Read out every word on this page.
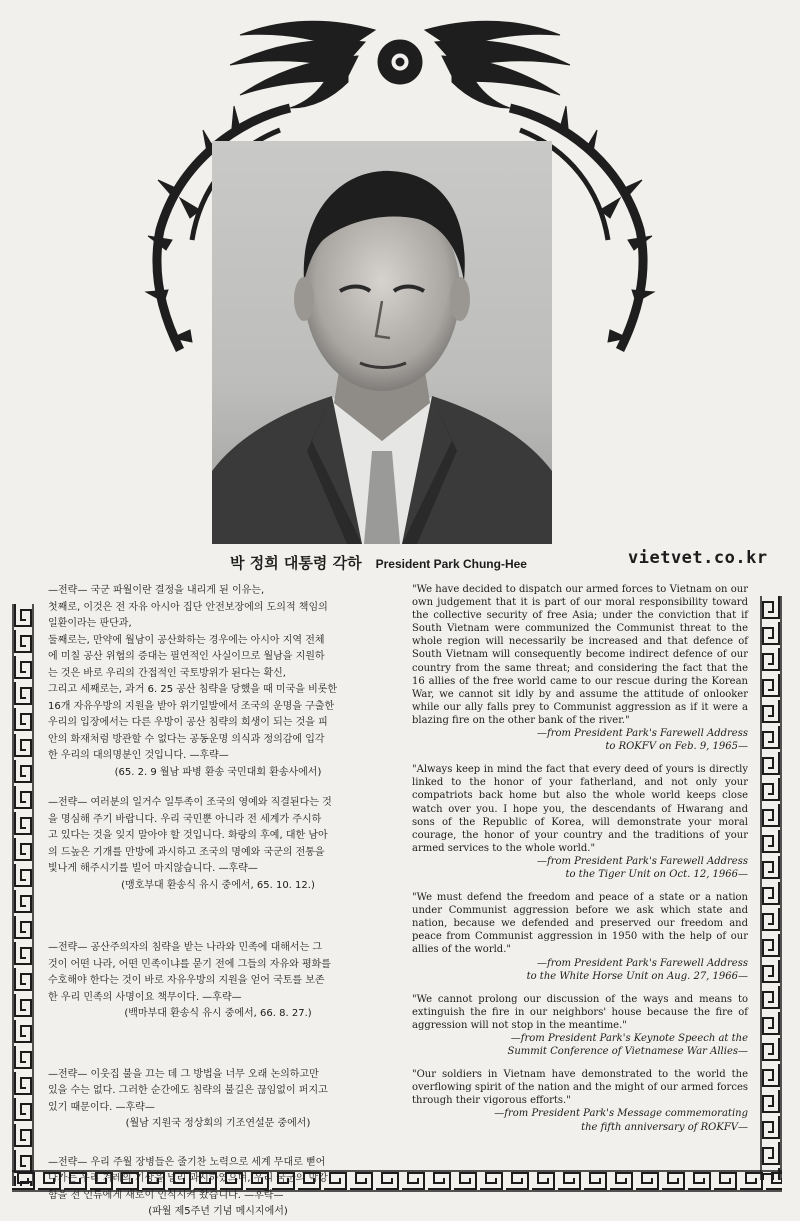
박 정희 대통령 각하 President Park Chung-Hee	vietvet.co.kr

—전략— 국군 파월이란 결정을 내리게 된 이유는,

첫째로, 이것은 전 자유 아시아 집단 안전보장에의 도의적 책임의

일환이라는 판단과,

둘째로는, 만약에 월남이 공산화하는 경우에는 아시아 지역 전체

에 미칠 공산 위협의 증대는 필연적인 사실이므로 월남을 지원하

는 것은 바로 우리의 간접적인 국토방위가 된다는 확신,

그리고 세째로는, 과거 6. 25 공산 침략을 당했을 때 미국을 비롯한

16개 자유우방의 지원을 받아 위기일발에서 조국의 운명을 구출한

우리의 입장에서는 다른 우방이 공산 침략의 희생이 되는 것을 피

안의 화재처럼 방관할 수 없다는 공동운명 의식과 정의감에 입각

한 우리의 대의명분인 것입니다. —후략—

(65. 2. 9 월남 파병 환송 국민대회 환송사에서)

—전략— 여러분의 일거수 일투족이 조국의 영예와 직결된다는 것

을 명심해 주기 바랍니다. 우리 국민뿐 아니라 전 세계가 주시하

고 있다는 것을 잊지 말아야 할 것입니다. 화랑의 후예, 대한 남아

의 드높은 기개를 만방에 과시하고 조국의 명예와 국군의 전통을

빛나게 해주시기를 빌어 마지않습니다. —후략—

(맹호부대 환송식 유시 중에서, 65. 10. 12.)

—전략— 공산주의자의 침략을 받는 나라와 민족에 대해서는 그

것이 어떤 나라, 어떤 민족이냐를 묻기 전에 그들의 자유와 평화를

수호해야 한다는 것이 바로 자유우방의 지원을 얻어 국토를 보존

한 우리 민족의 사명이요 책무이다. —후략—

(백마부대 환송식 유시 중에서, 66. 8. 27.)

—전략— 이웃집 불을 끄는 데 그 방법을 너무 오래 논의하고만

있을 수는 없다. 그러한 순간에도 침략의 불길은 끊임없이 퍼지고

있기 때문이다. —후략—

(월남 지원국 정상회의 기조연설문 중에서)

—전략— 우리 주월 장병들은 줄기찬 노력으로 세계 무대로 뻗어

나가는 우리 겨레의 기상을 널리 과시하였으며, 우리 국군의 막강

함을 전 인류에게 새로이 인식시켜 왔습니다. —후략—

(파월 제5주년 기념 메시지에서)

"We have decided to dispatch our armed forces to Vietnam on our own judgement that it is part of our moral responsibility toward the collective security of free Asia; under the conviction that if South Vietnam were communized the Communist threat to the whole region will necessarily be increased and that defence of South Vietnam will consequently become indirect defence of our country from the same threat; and considering the fact that the 16 allies of the free world came to our rescue during the Korean War, we cannot sit idly by and assume the attitude of onlooker while our ally falls prey to Communist aggression as if it were a blazing fire on the other bank of the river."

—from President Park's Farewell Address

to ROKFV on Feb. 9, 1965—

"Always keep in mind the fact that every deed of yours is directly linked to the honor of your fatherland, and not only your compatriots back home but also the whole world keeps close watch over you. I hope you, the descendants of Hwarang and sons of the Republic of Korea, will demonstrate your moral courage, the honor of your country and the traditions of your armed services to the whole world."

—from President Park's Farewell Address

to the Tiger Unit on Oct. 12, 1966—

"We must defend the freedom and peace of a state or a nation under Communist aggression before we ask which state and nation, because we defended and preserved our freedom and peace from Communist aggression in 1950 with the help of our allies of the world."

—from President Park's Farewell Address

to the White Horse Unit on Aug. 27, 1966—

"We cannot prolong our discussion of the ways and means to extinguish the fire in our neighbors' house because the fire of aggression will not stop in the meantime."

—from President Park's Keynote Speech at the

Summit Conference of Vietnamese War Allies—

"Our soldiers in Vietnam have demonstrated to the world the overflowing spirit of the nation and the might of our armed forces through their vigorous efforts."

—from President Park's Message commemorating

the fifth anniversary of ROKFV—
